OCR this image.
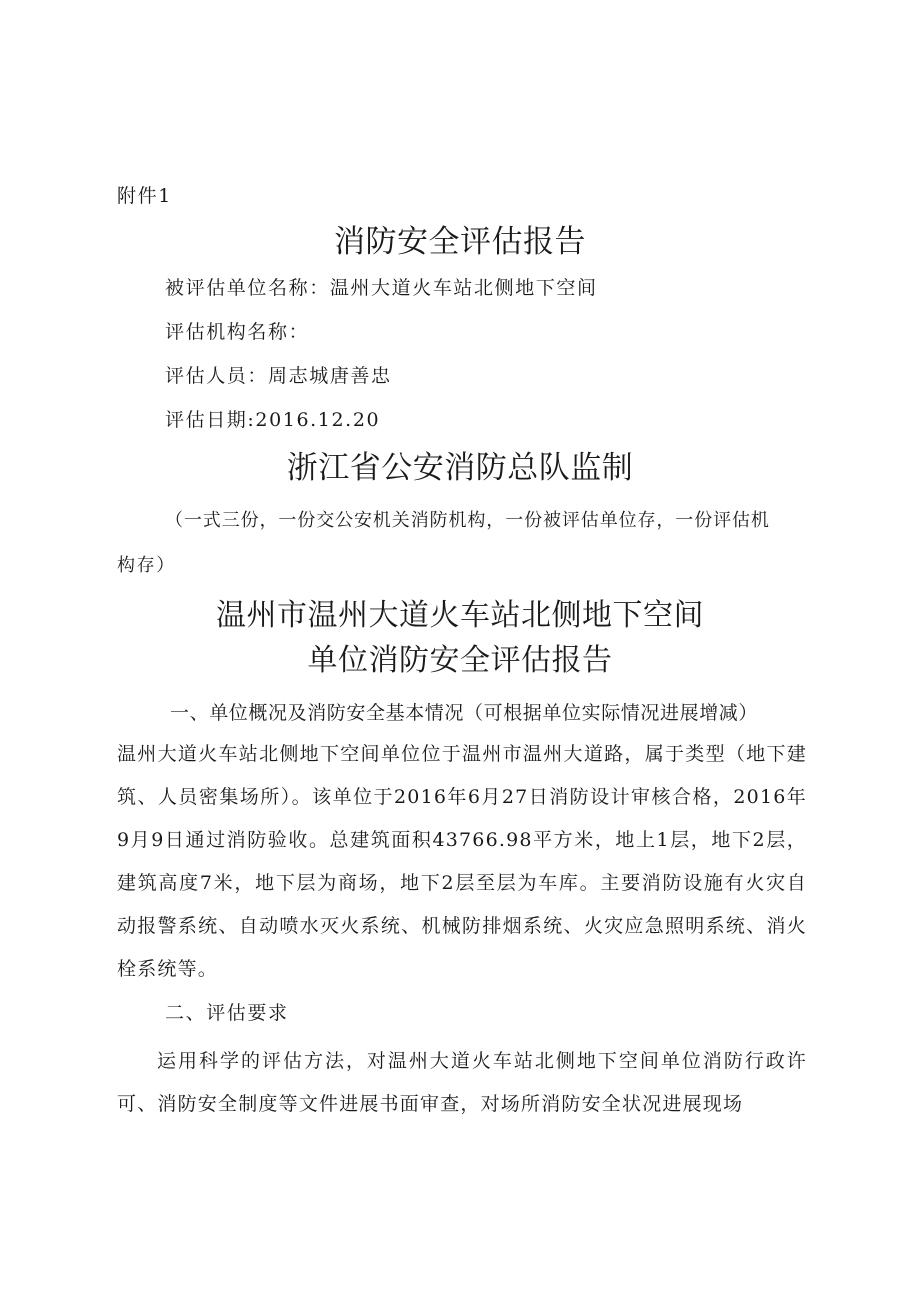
附件1
消防安全评估报告
被评估单位名称：温州大道火车站北侧地下空间
评估机构名称：
评估人员：周志城唐善忠
评估日期:2016.12.20
浙江省公安消防总队监制
（一式三份，一份交公安机关消防机构，一份被评估单位存，一份评估机
构存）
温州市温州大道火车站北侧地下空间
单位消防安全评估报告
一、单位概况及消防安全基本情况（可根据单位实际情况进展增减）
温州大道火车站北侧地下空间单位位于温州市温州大道路，属于类型（地下建筑、人员密集场所）。该单位于2016年6月27日消防设计审核合格，2016年9月9日通过消防验收。总建筑面积43766.98平方米，地上1层，地下2层，建筑高度7米，地下层为商场，地下2层至层为车库。主要消防设施有火灾自动报警系统、自动喷水灭火系统、机械防排烟系统、火灾应急照明系统、消火栓系统等。
二、评估要求
运用科学的评估方法，对温州大道火车站北侧地下空间单位消防行政许可、消防安全制度等文件进展书面审查，对场所消防安全状况进展现场
